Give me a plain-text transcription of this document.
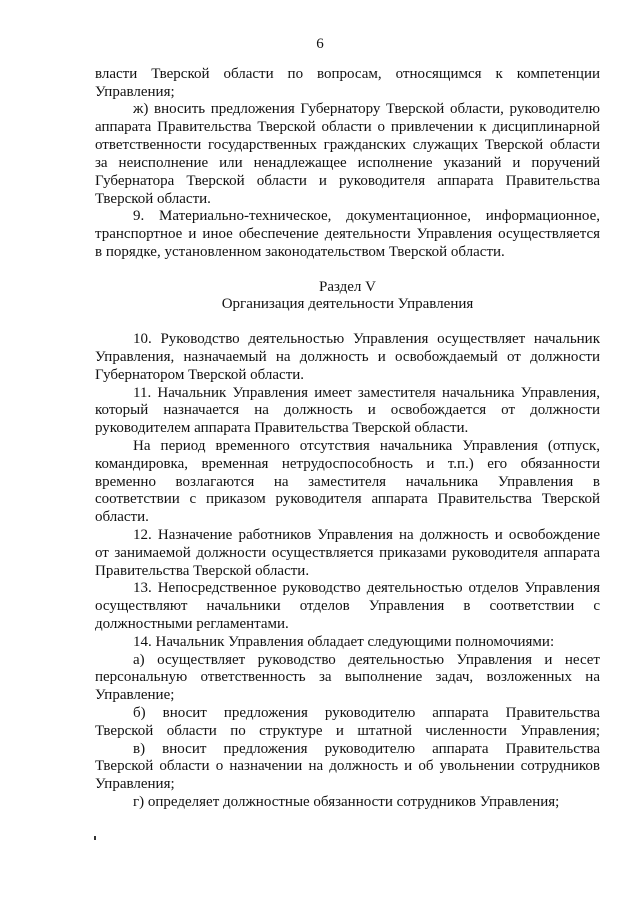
6

власти Тверской области по вопросам, относящимся к компетенции

Управления;

ж) вносить предложения Губернатору Тверской области, руководителю

аппарата Правительства Тверской области о привлечении к дисциплинарной

ответственности государственных гражданских служащих Тверской области

за неисполнение или ненадлежащее исполнение указаний и поручений

Губернатора Тверской области и руководителя аппарата Правительства

Тверской области.

9. Материально-техническое, документационное, информационное,

транспортное и иное обеспечение деятельности Управления осуществляется

в порядке, установленном законодательством Тверской области.

Раздел V

Организация деятельности Управления

10. Руководство деятельностью Управления осуществляет начальник

Управления, назначаемый на должность и освобождаемый от должности

Губернатором Тверской области.

11. Начальник Управления имеет заместителя начальника Управления,

который назначается на должность и освобождается от должности

руководителем аппарата Правительства Тверской области.

На период временного отсутствия начальника Управления (отпуск,

командировка, временная нетрудоспособность и т.п.) его обязанности

временно возлагаются на заместителя начальника Управления в

соответствии с приказом руководителя аппарата Правительства Тверской

области.

12. Назначение работников Управления на должность и освобождение

от занимаемой должности осуществляется приказами руководителя аппарата

Правительства Тверской области.

13. Непосредственное руководство деятельностью отделов Управления

осуществляют начальники отделов Управления в соответствии с

должностными регламентами.

14. Начальник Управления обладает следующими полномочиями:

а) осуществляет руководство деятельностью Управления и несет

персональную ответственность за выполнение задач, возложенных на

Управление;

б) вносит предложения руководителю аппарата Правительства

Тверской области по структуре и штатной численности Управления;

в) вносит предложения руководителю аппарата Правительства

Тверской области о назначении на должность и об увольнении сотрудников

Управления;

г) определяет должностные обязанности сотрудников Управления;
